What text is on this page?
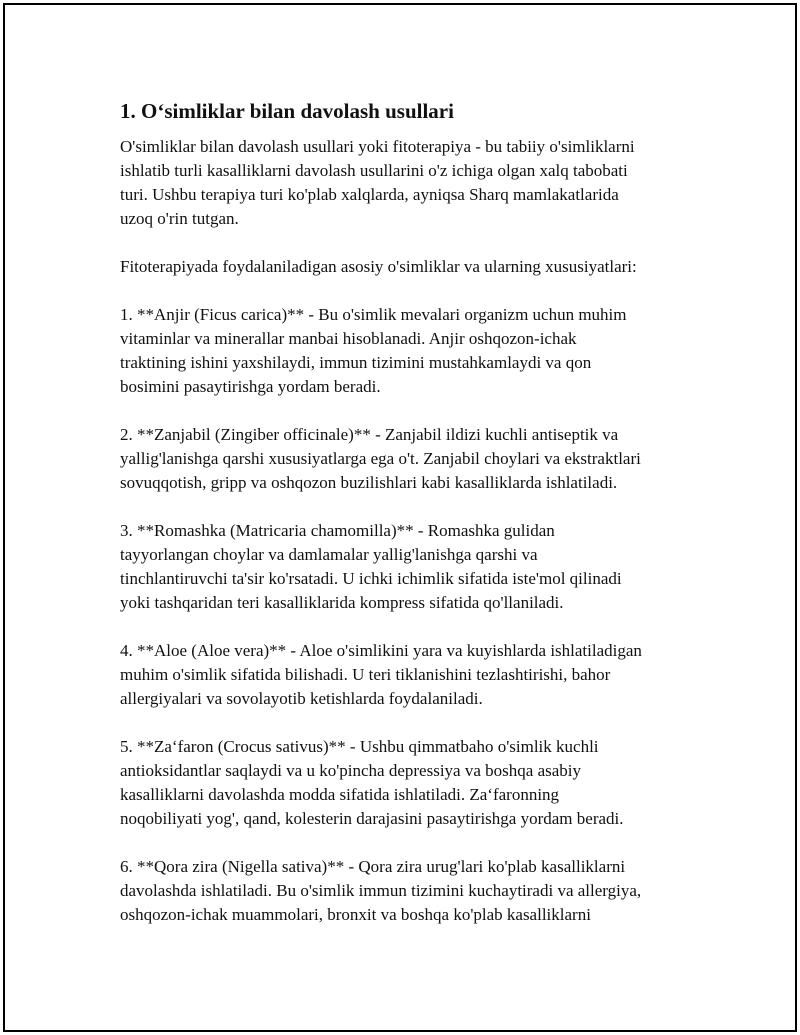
1. O‘simliklar bilan davolash usullari

O'simliklar bilan davolash usullari yoki fitoterapiya - bu tabiiy o'simliklarni
ishlatib turli kasalliklarni davolash usullarini o'z ichiga olgan xalq tabobati
turi. Ushbu terapiya turi ko'plab xalqlarda, ayniqsa Sharq mamlakatlarida
uzoq o'rin tutgan.

Fitoterapiyada foydalaniladigan asosiy o'simliklar va ularning xususiyatlari:

1. **Anjir (Ficus carica)** - Bu o'simlik mevalari organizm uchun muhim
vitaminlar va minerallar manbai hisoblanadi. Anjir oshqozon-ichak
traktining ishini yaxshilaydi, immun tizimini mustahkamlaydi va qon
bosimini pasaytirishga yordam beradi.

2. **Zanjabil (Zingiber officinale)** - Zanjabil ildizi kuchli antiseptik va
yallig'lanishga qarshi xususiyatlarga ega o't. Zanjabil choylari va ekstraktlari
sovuqqotish, gripp va oshqozon buzilishlari kabi kasalliklarda ishlatiladi.

3. **Romashka (Matricaria chamomilla)** - Romashka gulidan
tayyorlangan choylar va damlamalar yallig'lanishga qarshi va
tinchlantiruvchi ta'sir ko'rsatadi. U ichki ichimlik sifatida iste'mol qilinadi
yoki tashqaridan teri kasalliklarida kompress sifatida qo'llaniladi.

4. **Aloe (Aloe vera)** - Aloe o'simlikini yara va kuyishlarda ishlatiladigan
muhim o'simlik sifatida bilishadi. U teri tiklanishini tezlashtirishi, bahor
allergiyalari va sovolayotib ketishlarda foydalaniladi.

5. **Za‘faron (Crocus sativus)** - Ushbu qimmatbaho o'simlik kuchli
antioksidantlar saqlaydi va u ko'pincha depressiya va boshqa asabiy
kasalliklarni davolashda modda sifatida ishlatiladi. Za‘faronning
noqobiliyati yog', qand, kolesterin darajasini pasaytirishga yordam beradi.

6. **Qora zira (Nigella sativa)** - Qora zira urug'lari ko'plab kasalliklarni
davolashda ishlatiladi. Bu o'simlik immun tizimini kuchaytiradi va allergiya,
oshqozon-ichak muammolari, bronxit va boshqa ko'plab kasalliklarni
